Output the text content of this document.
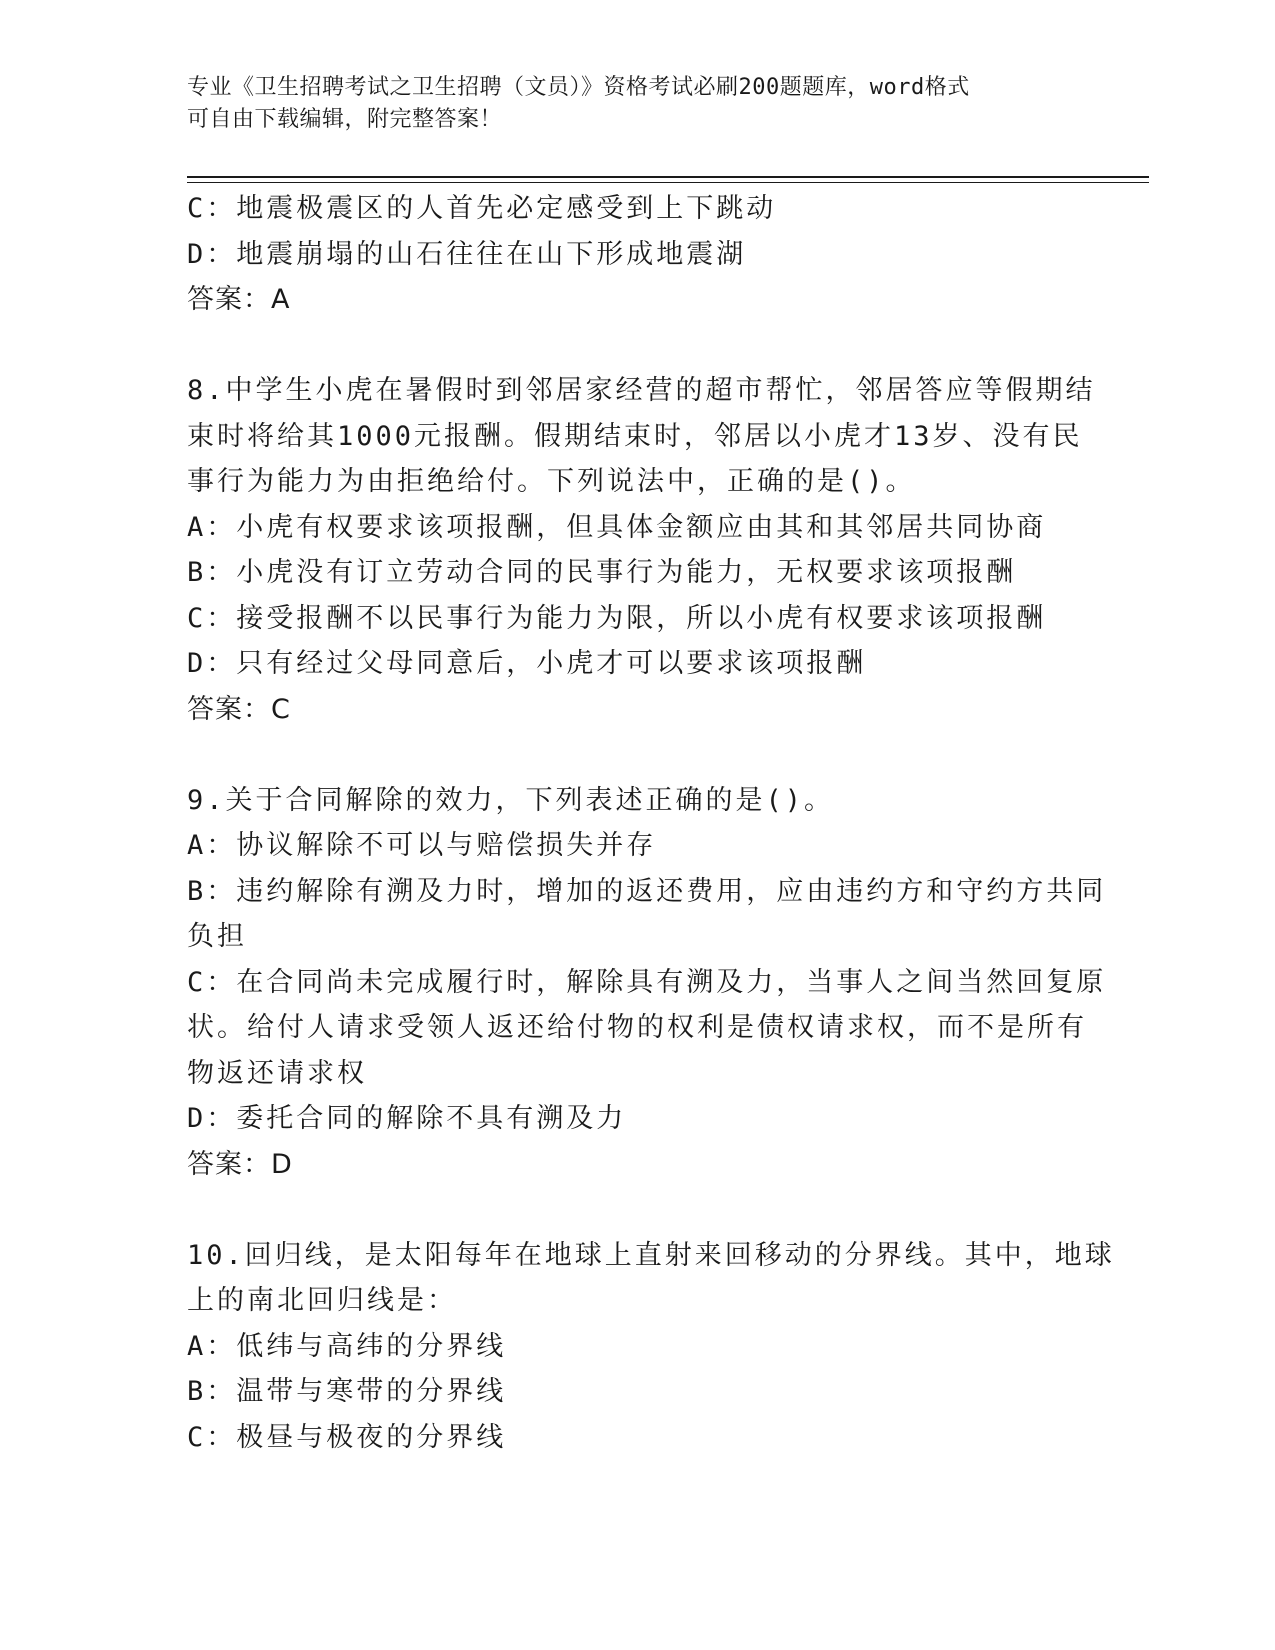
专业《卫生招聘考试之卫生招聘（文员）》资格考试必刷200题题库，word格式
可自由下载编辑，附完整答案！
C：地震极震区的人首先必定感受到上下跳动
D：地震崩塌的山石往往在山下形成地震湖
答案：A
8.中学生小虎在暑假时到邻居家经营的超市帮忙，邻居答应等假期结
束时将给其1000元报酬。假期结束时，邻居以小虎才13岁、没有民
事行为能力为由拒绝给付。下列说法中，正确的是()。
A：小虎有权要求该项报酬，但具体金额应由其和其邻居共同协商
B：小虎没有订立劳动合同的民事行为能力，无权要求该项报酬
C：接受报酬不以民事行为能力为限，所以小虎有权要求该项报酬
D：只有经过父母同意后，小虎才可以要求该项报酬
答案：C
9.关于合同解除的效力，下列表述正确的是()。
A：协议解除不可以与赔偿损失并存
B：违约解除有溯及力时，增加的返还费用，应由违约方和守约方共同
负担
C：在合同尚未完成履行时，解除具有溯及力，当事人之间当然回复原
状。给付人请求受领人返还给付物的权利是债权请求权，而不是所有
物返还请求权
D：委托合同的解除不具有溯及力
答案：D
10.回归线，是太阳每年在地球上直射来回移动的分界线。其中，地球
上的南北回归线是：
A：低纬与高纬的分界线
B：温带与寒带的分界线
C：极昼与极夜的分界线
